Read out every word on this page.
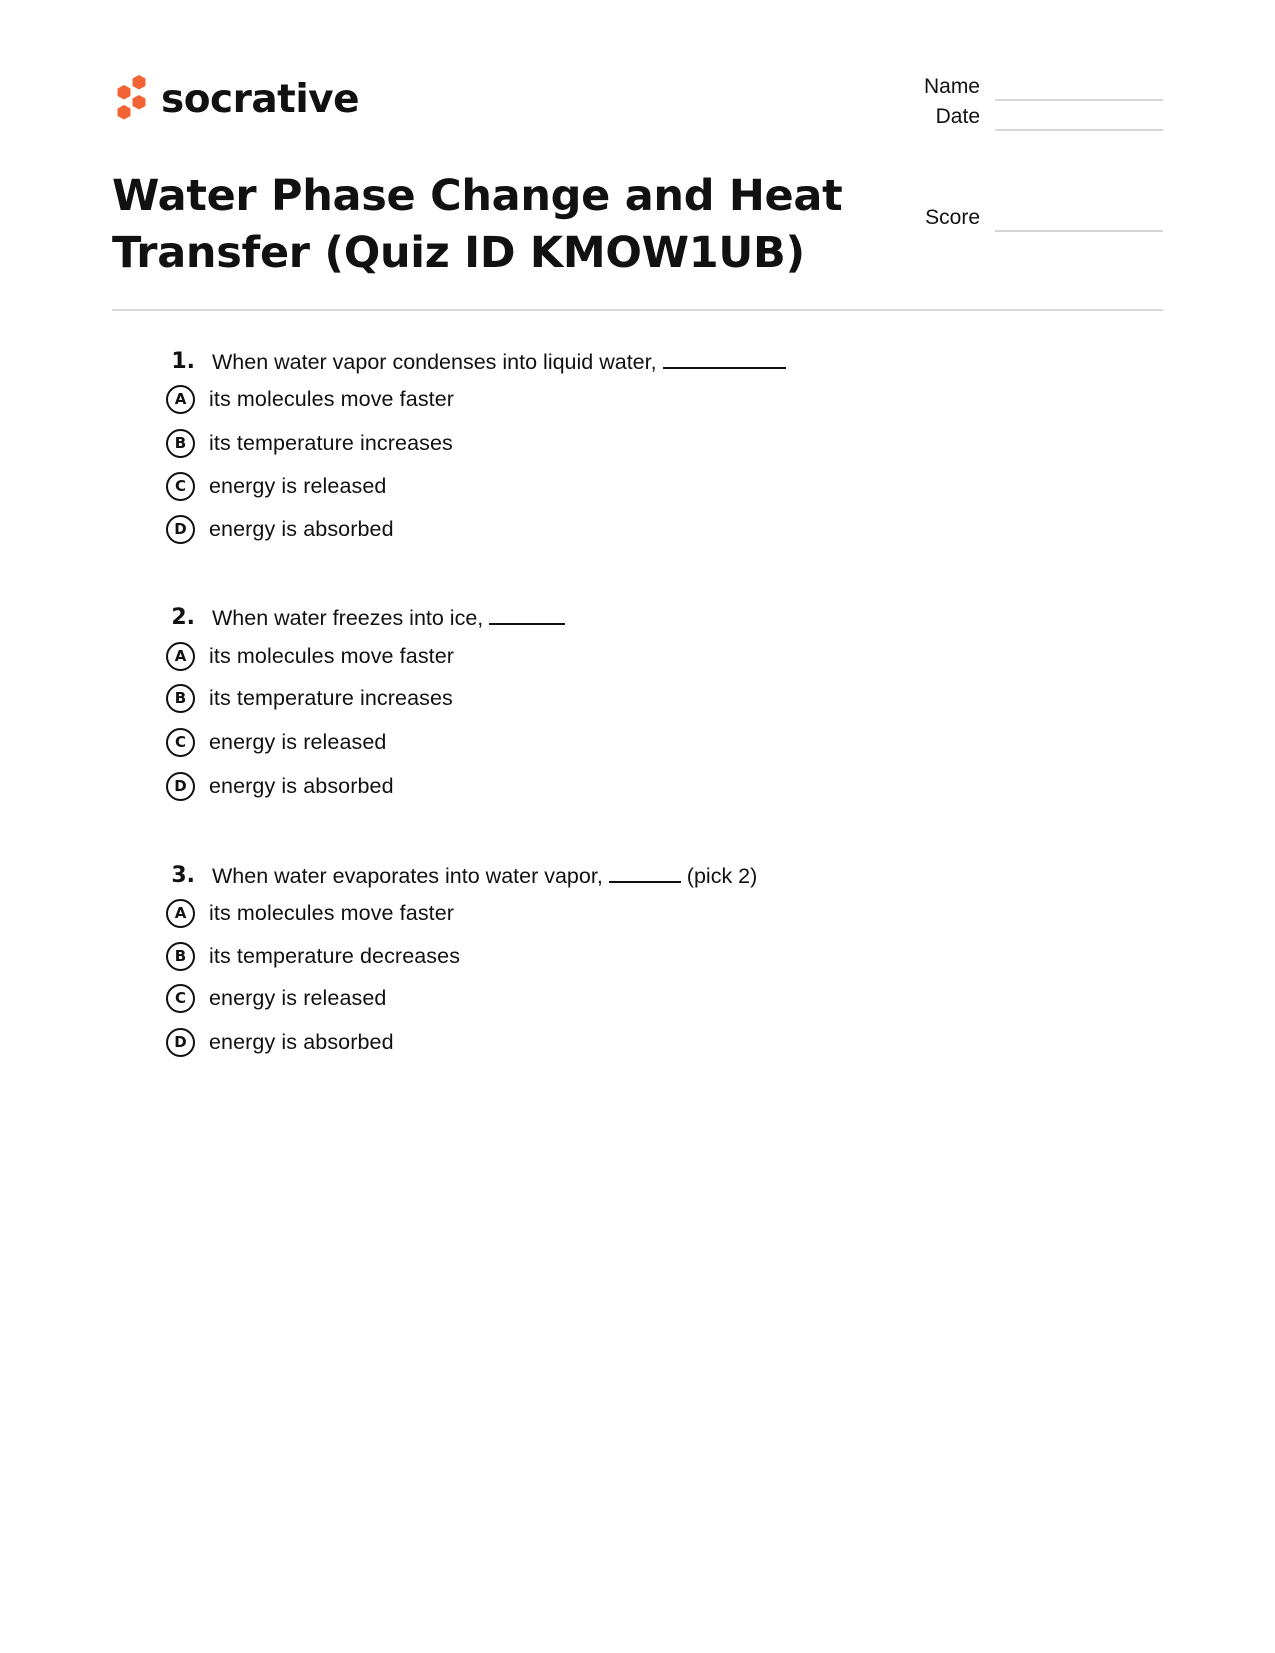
socrative	Name
Date
Score
Water Phase Change and Heat
Transfer (Quiz ID KMOW1UB)
1. When water vapor condenses into liquid water,
A	its molecules move faster
B	its temperature increases
C	energy is released
D	energy is absorbed
2. When water freezes into ice,
A	its molecules move faster
B	its temperature increases
C	energy is released
D	energy is absorbed
3. When water evaporates into water vapor,	(pick 2)
A	its molecules move faster
B	its temperature decreases
C	energy is released
D	energy is absorbed
